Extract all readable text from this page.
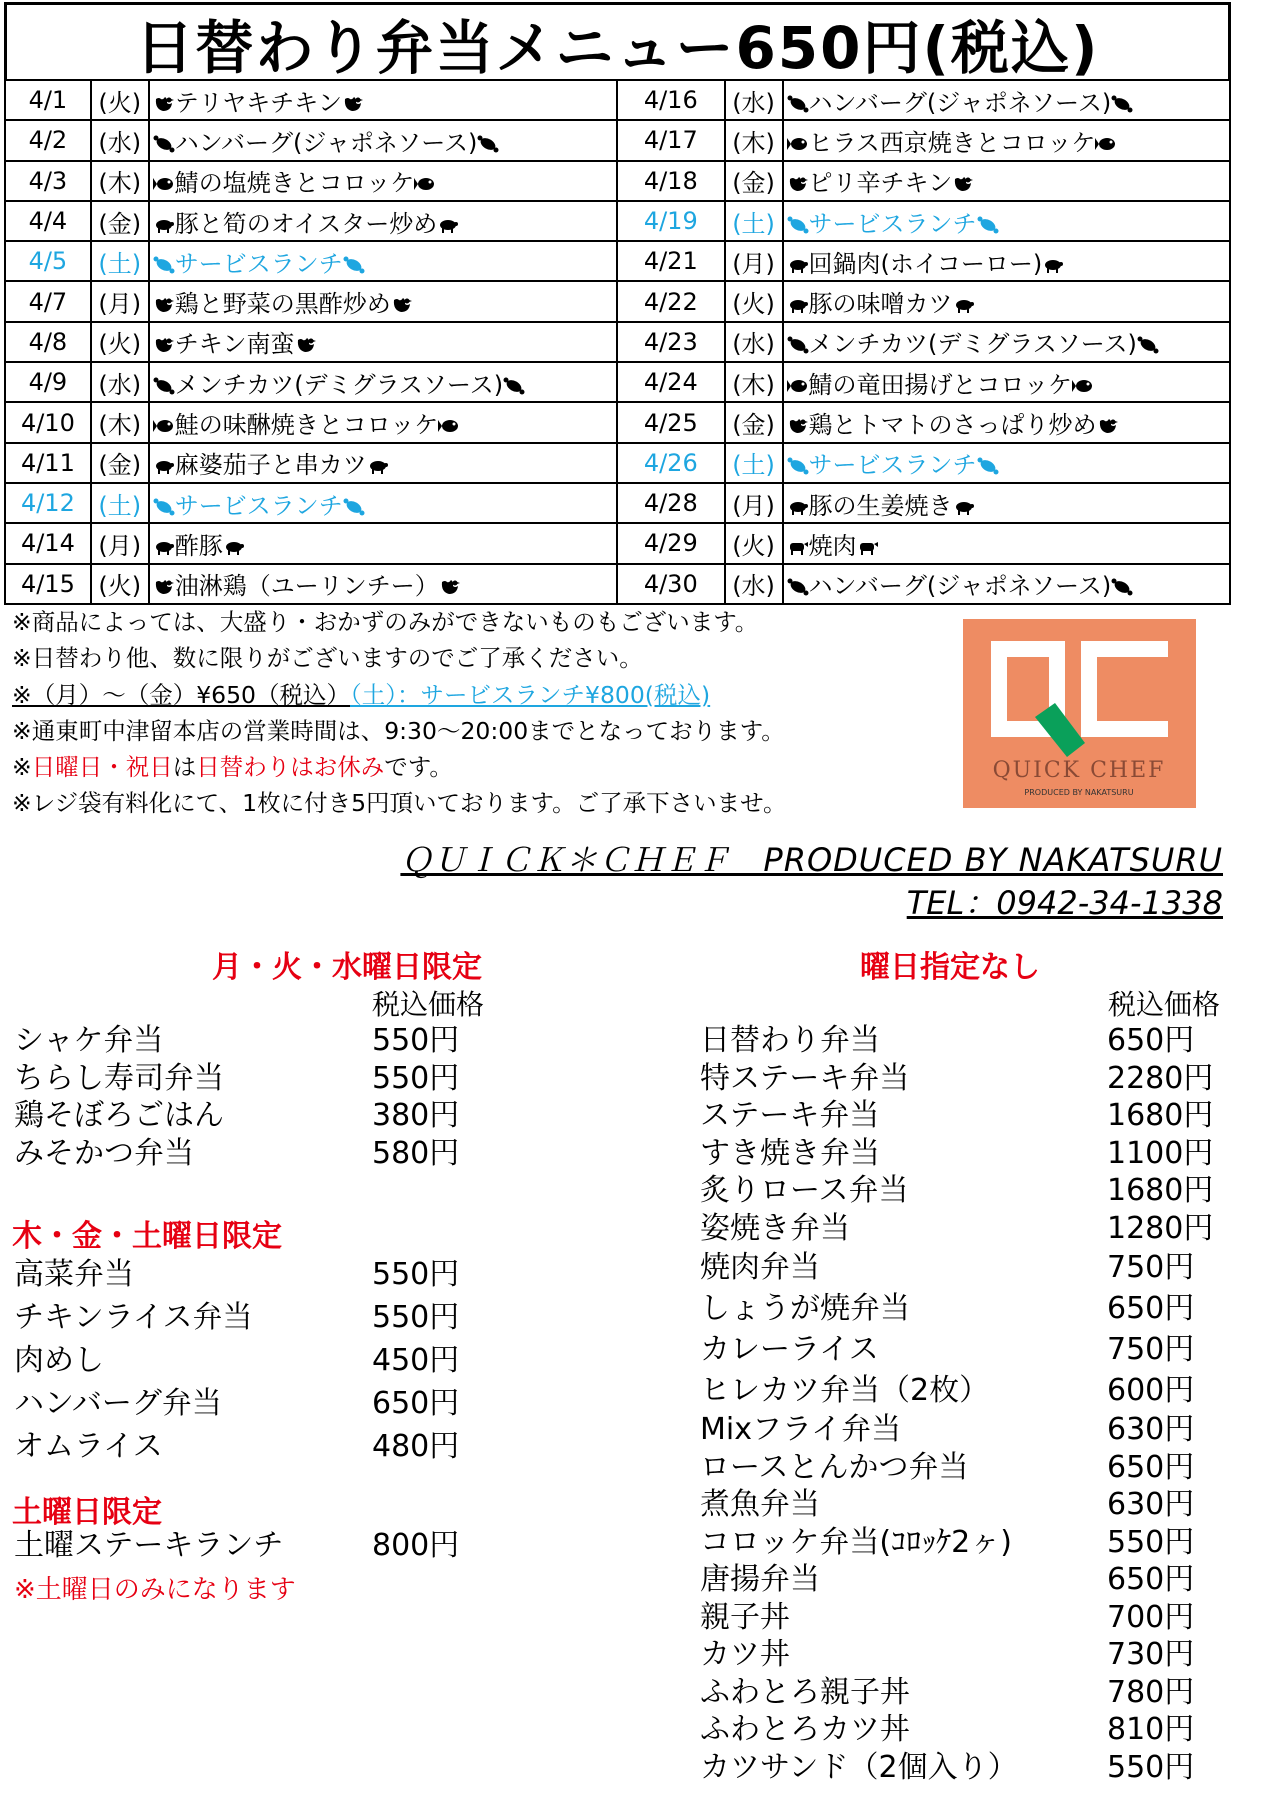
日替わり弁当メニュー650円(税込)
4/1	(火)	テリヤキチキン	4/16	(水)	ハンバーグ(ジャポネソース)
4/2	(水)	ハンバーグ(ジャポネソース)	4/17	(木)	ヒラス西京焼きとコロッケ
4/3	(木)	鯖の塩焼きとコロッケ	4/18	(金)	ピリ辛チキン
4/4	(金)	豚と筍のオイスター炒め	4/19	(土)	サービスランチ
4/5	(土)	サービスランチ	4/21	(月)	回鍋肉(ホイコーロー)
4/7	(月)	鶏と野菜の黒酢炒め	4/22	(火)	豚の味噌カツ
4/8	(火)	チキン南蛮	4/23	(水)	メンチカツ(デミグラスソース)
4/9	(水)	メンチカツ(デミグラスソース)	4/24	(木)	鯖の竜田揚げとコロッケ
4/10	(木)	鮭の味醂焼きとコロッケ	4/25	(金)	鶏とトマトのさっぱり炒め
4/11	(金)	麻婆茄子と串カツ	4/26	(土)	サービスランチ
4/12	(土)	サービスランチ	4/28	(月)	豚の生姜焼き
4/14	(月)	酢豚	4/29	(火)	焼肉
4/15	(火)	油淋鶏（ユーリンチー）	4/30	(水)	ハンバーグ(ジャポネソース)
※商品によっては、大盛り・おかずのみができないものもございます。
※日替わり他、数に限りがございますのでご了承ください。
※（月）～（金）¥650（税込）（土）：サービスランチ¥800(税込)
※通東町中津留本店の営業時間は、9:30～20:00までとなっております。
※日曜日・祝日は日替わりはお休みです。
※レジ袋有料化にて、1枚に付き5円頂いております。ご了承下さいませ。
QUICK CHEF
PRODUCED BY NAKATSURU
ＱＵＩＣＫ＊ＣＨＥＦ　PRODUCED BY NAKATSURU
TEL：0942-34-1338
月・火・水曜日限定
税込価格
シャケ弁当	550円
ちらし寿司弁当	550円
鶏そぼろごはん	380円
みそかつ弁当	580円
木・金・土曜日限定
高菜弁当	550円
チキンライス弁当	550円
肉めし	450円
ハンバーグ弁当	650円
オムライス	480円
土曜日限定
土曜ステーキランチ	800円
※土曜日のみになります
曜日指定なし
税込価格
日替わり弁当	650円
特ステーキ弁当	2280円
ステーキ弁当	1680円
すき焼き弁当	1100円
炙りロース弁当	1680円
姿焼き弁当	1280円
焼肉弁当	750円
しょうが焼弁当	650円
カレーライス	750円
ヒレカツ弁当（2枚）	600円
Mixフライ弁当	630円
ロースとんかつ弁当	650円
煮魚弁当	630円
コロッケ弁当(ｺﾛｯｹ2ヶ)	550円
唐揚弁当	650円
親子丼	700円
カツ丼	730円
ふわとろ親子丼	780円
ふわとろカツ丼	810円
カツサンド（2個入り）	550円
